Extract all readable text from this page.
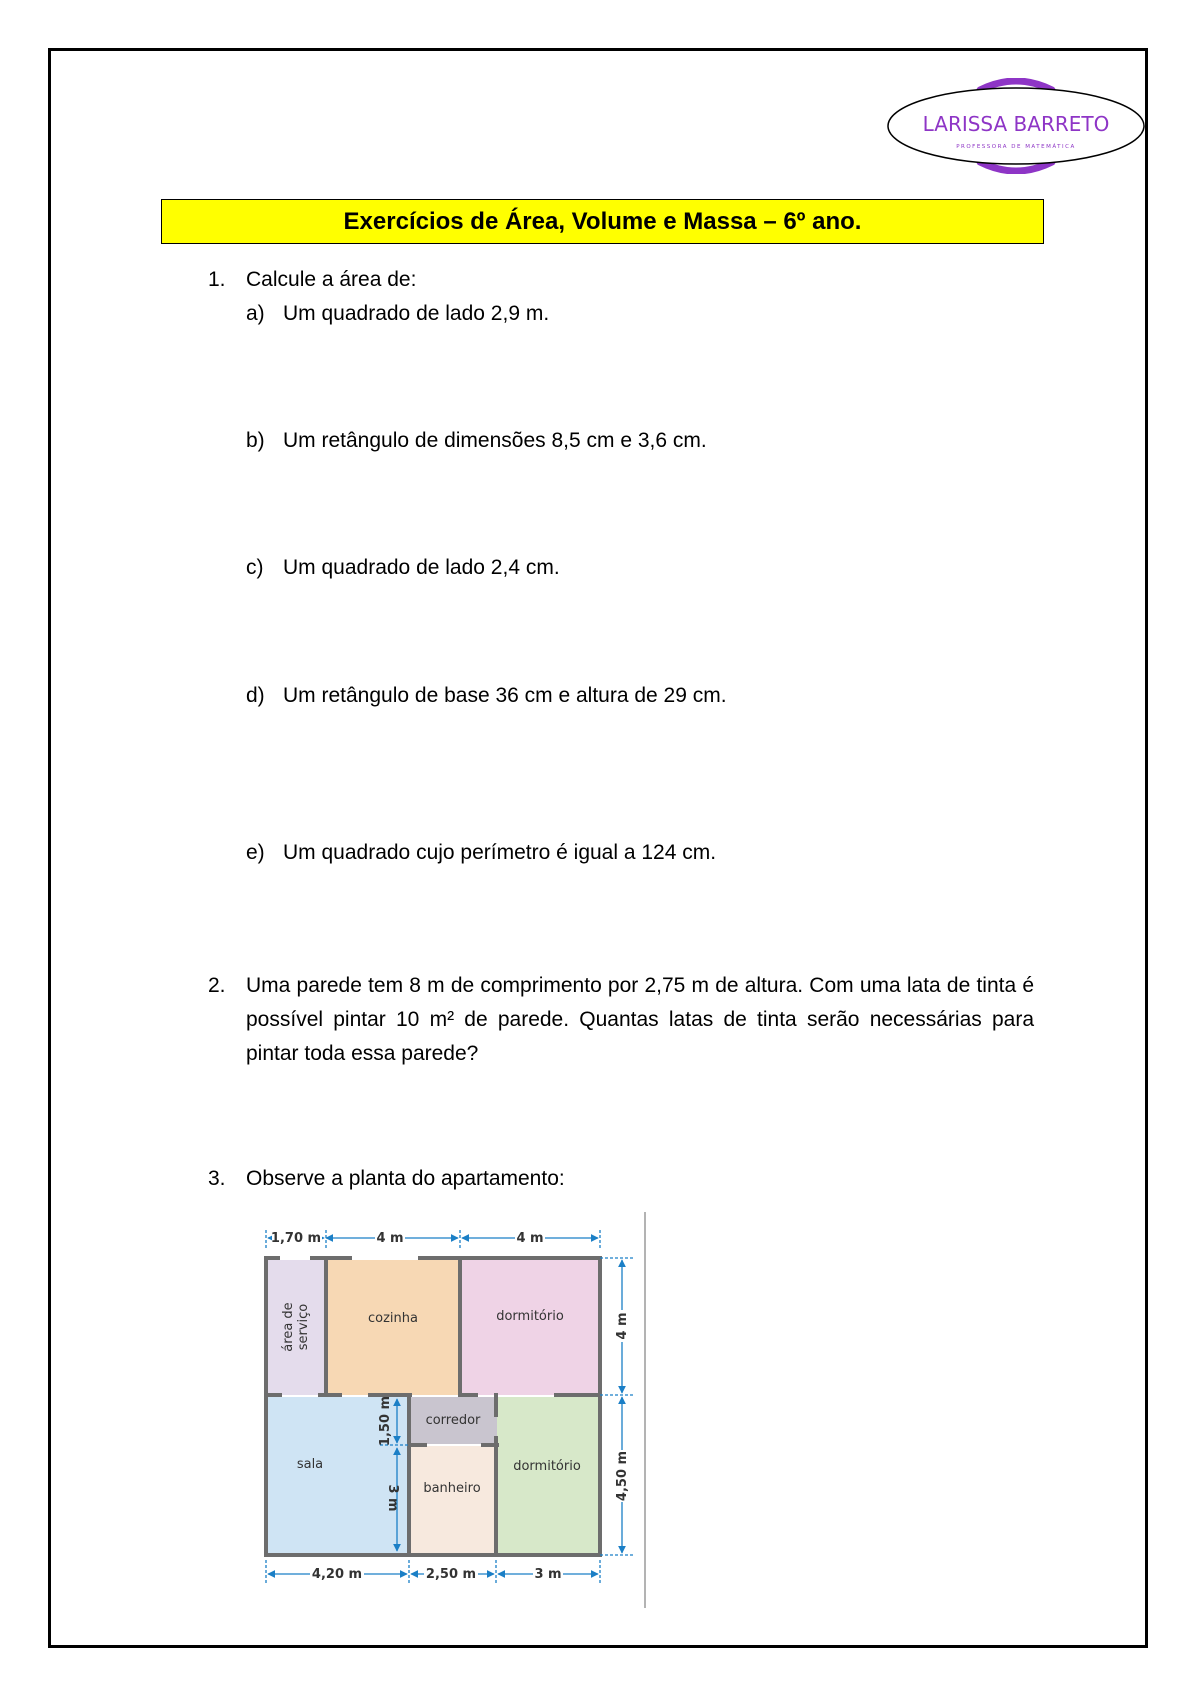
LARISSA BARRETO
PROFESSORA DE MATEMÁTICA
Exercícios de Área, Volume e Massa – 6º ano.
1. Calcule a área de:
a) Um quadrado de lado 2,9 m.
b) Um retângulo de dimensões 8,5 cm e 3,6 cm.
c) Um quadrado de lado 2,4 cm.
d) Um retângulo de base 36 cm e altura de 29 cm.
e) Um quadrado cujo perímetro é igual a 124 cm.
2. Uma parede tem 8 m de comprimento por 2,75 m de altura. Com uma lata de tinta é possível pintar 10 m² de parede. Quantas latas de tinta serão necessárias para pintar toda essa parede?
3. Observe a planta do apartamento:
área de serviço	cozinha	dormitório
corredor
sala
banheiro
dormitório
1,70 m	4 m	4 m
4 m
4,50 m
4,20 m	2,50 m	3 m
1,50 m
3 m
